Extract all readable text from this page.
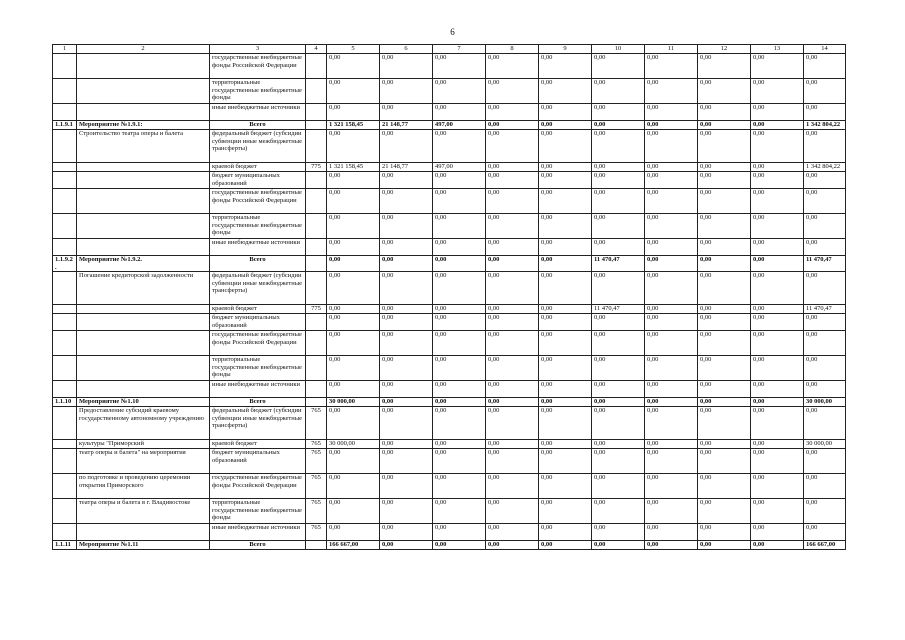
6
1	2	3	4	5	6	7	8	9	10	11	12	13	14
		государственные внебюджетные фонды Российской Федерации		0,00	0,00	0,00	0,00	0,00	0,00	0,00	0,00	0,00	0,00
		территориальные государственные внебюджетные фонды		0,00	0,00	0,00	0,00	0,00	0,00	0,00	0,00	0,00	0,00
		иные внебюджетные источники		0,00	0,00	0,00	0,00	0,00	0,00	0,00	0,00	0,00	0,00
1.1.9.1	Мероприятие №1.9.1:	Всего		1 321 158,45	21 148,77	497,00	0,00	0,00	0,00	0,00	0,00	0,00	1 342 804,22
	Строительство театра оперы и балета	федеральный бюджет (субсидии субвенции иные межбюджетные трансферты)		0,00	0,00	0,00	0,00	0,00	0,00	0,00	0,00	0,00	0,00
		краевой бюджет	775	1 321 158,45	21 148,77	497,00	0,00	0,00	0,00	0,00	0,00	0,00	1 342 804,22
		бюджет муниципальных образований		0,00	0,00	0,00	0,00	0,00	0,00	0,00	0,00	0,00	0,00
		государственные внебюджетные фонды Российской Федерации		0,00	0,00	0,00	0,00	0,00	0,00	0,00	0,00	0,00	0,00
		территориальные государственные внебюджетные фонды		0,00	0,00	0,00	0,00	0,00	0,00	0,00	0,00	0,00	0,00
		иные внебюджетные источники		0,00	0,00	0,00	0,00	0,00	0,00	0,00	0,00	0,00	0,00
1.1.9.2.	Мероприятие №1.9.2.	Всего		0,00	0,00	0,00	0,00	0,00	11 470,47	0,00	0,00	0,00	11 470,47
	Погашение кредиторской задолженности	федеральный бюджет (субсидии субвенции иные межбюджетные трансферты)		0,00	0,00	0,00	0,00	0,00	0,00	0,00	0,00	0,00	0,00
		краевой бюджет	775	0,00	0,00	0,00	0,00	0,00	11 470,47	0,00	0,00	0,00	11 470,47
		бюджет муниципальных образований		0,00	0,00	0,00	0,00	0,00	0,00	0,00	0,00	0,00	0,00
		государственные внебюджетные фонды Российской Федерации		0,00	0,00	0,00	0,00	0,00	0,00	0,00	0,00	0,00	0,00
		территориальные государственные внебюджетные фонды		0,00	0,00	0,00	0,00	0,00	0,00	0,00	0,00	0,00	0,00
		иные внебюджетные источники		0,00	0,00	0,00	0,00	0,00	0,00	0,00	0,00	0,00	0,00
1.1.10	Мероприятие №1.10	Всего		30 000,00	0,00	0,00	0,00	0,00	0,00	0,00	0,00	0,00	30 000,00
	Предоставление субсидий краевому государственному автономному учреждению	федеральный бюджет (субсидии субвенции иные межбюджетные трансферты)	765	0,00	0,00	0,00	0,00	0,00	0,00	0,00	0,00	0,00	0,00
	культуры "Приморский	краевой бюджет	765	30 000,00	0,00	0,00	0,00	0,00	0,00	0,00	0,00	0,00	30 000,00
	театр оперы и балета" на мероприятия	бюджет муниципальных образований	765	0,00	0,00	0,00	0,00	0,00	0,00	0,00	0,00	0,00	0,00
	по подготовке и проведению церемонии открытия Приморского	государственные внебюджетные фонды Российской Федерации	765	0,00	0,00	0,00	0,00	0,00	0,00	0,00	0,00	0,00	0,00
	театра оперы и балета в г. Владивостоке	территориальные государственные внебюджетные фонды	765	0,00	0,00	0,00	0,00	0,00	0,00	0,00	0,00	0,00	0,00
		иные внебюджетные источники	765	0,00	0,00	0,00	0,00	0,00	0,00	0,00	0,00	0,00	0,00
1.1.11	Мероприятие №1.11	Всего		166 667,00	0,00	0,00	0,00	0,00	0,00	0,00	0,00	0,00	166 667,00
